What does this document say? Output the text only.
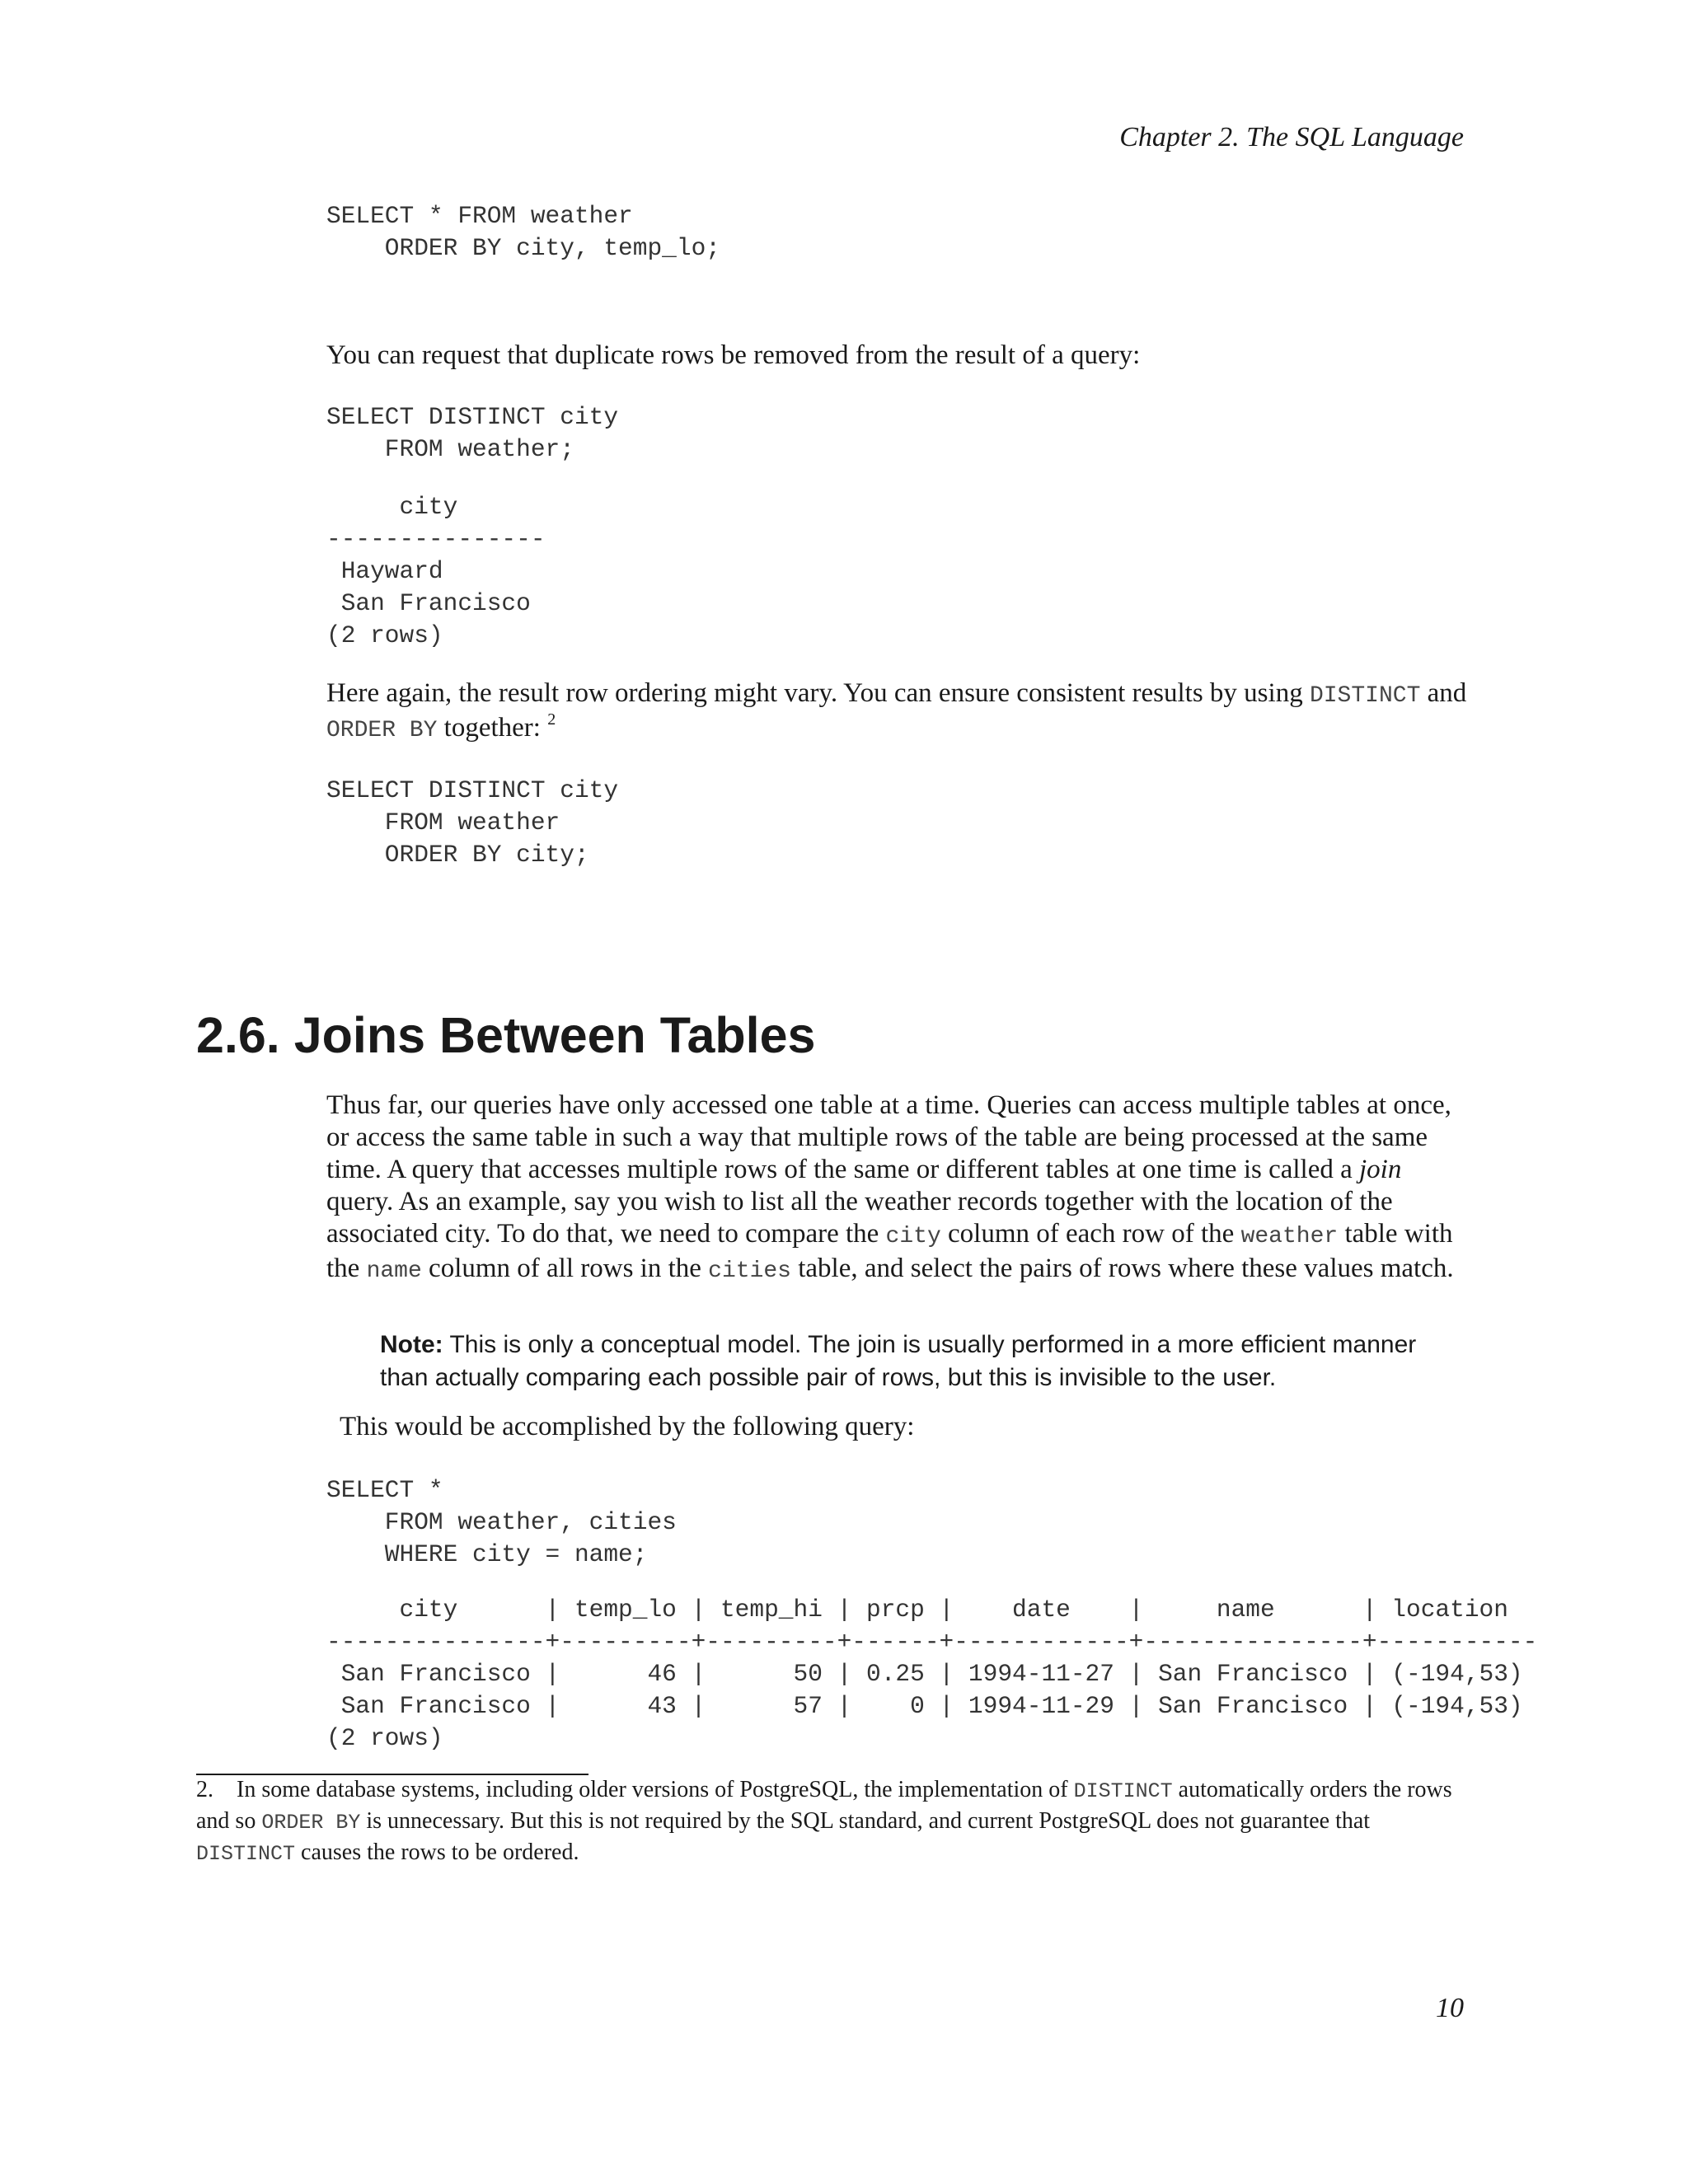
Chapter 2. The SQL Language
SELECT * FROM weather
ORDER BY city, temp_lo;

You can request that duplicate rows be removed from the result of a query:

SELECT DISTINCT city
FROM weather;
city
---------------
Hayward
San Francisco
(2 rows)

Here again, the result row ordering might vary. You can ensure consistent results by using DISTINCT and ORDER BY together: $^2$

SELECT DISTINCT city
FROM weather
ORDER BY city;
2.6. Joins Between Tables

Thus far, our queries have only accessed one table at a time. Queries can access multiple tables at once, or access the same table in such a way that multiple rows of the table are being processed at the same time. A query that accesses multiple rows of the same or different tables at one time is called a join query. As an example, say you wish to list all the weather records together with the location of the associated city. To do that, we need to compare the city column of each row of the weather table with the name column of all rows in the cities table, and select the pairs of rows where these values match.

Note: This is only a conceptual model. The join is usually performed in a more efficient manner than actually comparing each possible pair of rows, but this is invisible to the user.

This would be accomplished by the following query:

SELECT *
FROM weather, cities
WHERE city = name;
city      | temp_lo | temp_hi | prcp |    date    |     name      | location
---------------+---------+---------+------+------------+---------------+-----------
San Francisco |      46 |      50 | 0.25 | 1994-11-27 | San Francisco | (-194,53)
San Francisco |      43 |      57 |    0 | 1994-11-29 | San Francisco | (-194,53)
(2 rows)

2.    In some database systems, including older versions of PostgreSQL, the implementation of DISTINCT automatically orders the rows and so ORDER BY is unnecessary. But this is not required by the SQL standard, and current PostgreSQL does not guarantee that DISTINCT causes the rows to be ordered.

10
